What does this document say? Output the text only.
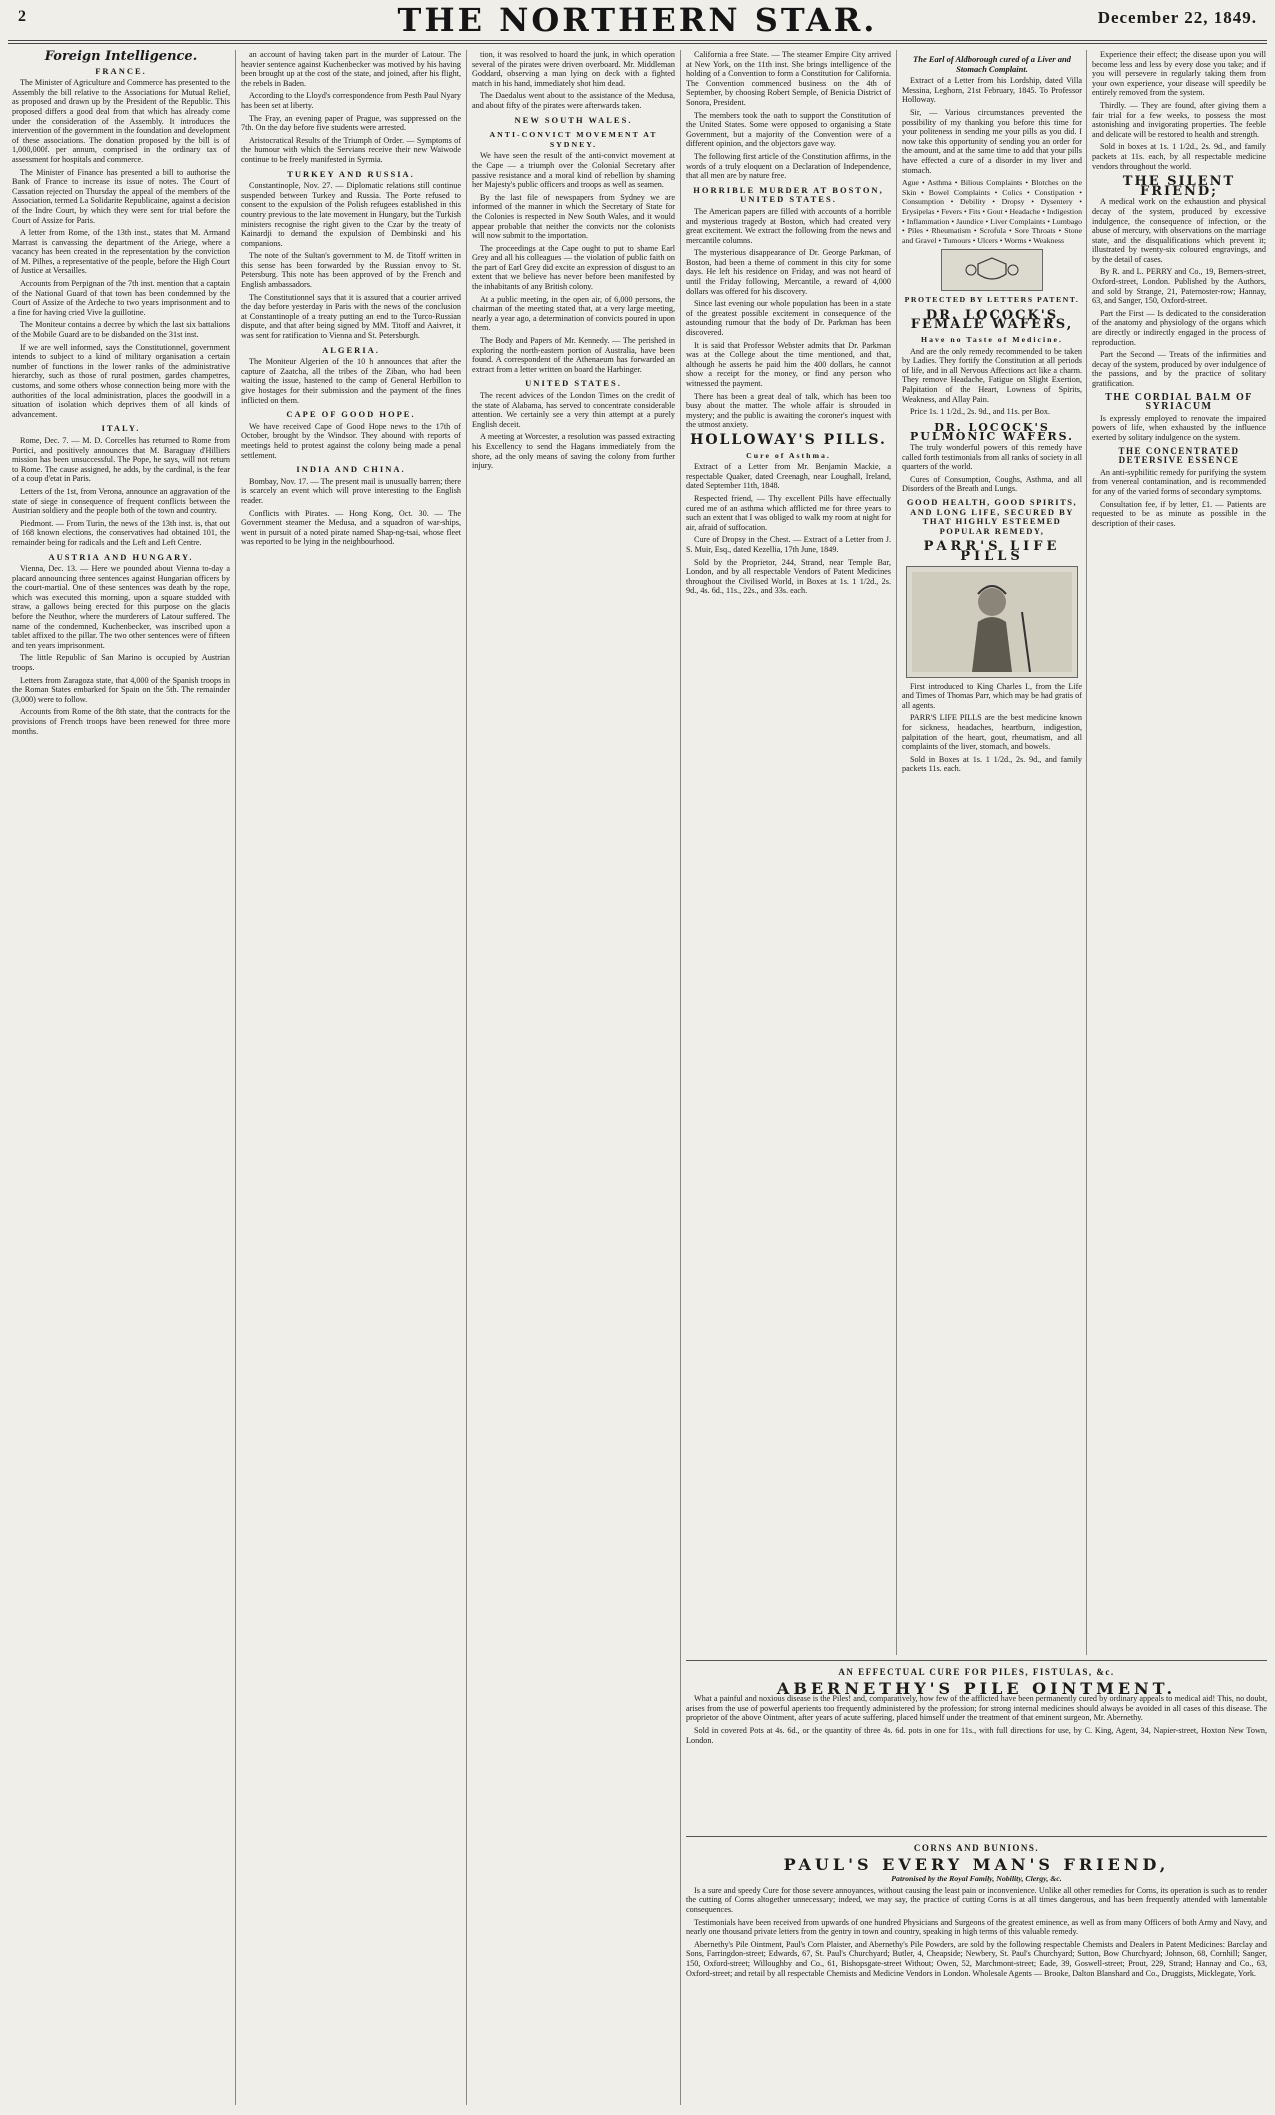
2	THE NORTHERN STAR.	December 22, 1849.
Foreign Intelligence.
FRANCE.

The Minister of Agriculture and Commerce has presented to the Assembly the bill relative to the Associations for Mutual Relief, as proposed and drawn up by the President of the Republic. This proposed differs a good deal from that which has already come under the consideration of the Assembly. It introduces the intervention of the government in the foundation and development of these associations. The donation proposed by the bill is of 1,000,000f. per annum, comprised in the ordinary tax of assessment for hospitals and commerce.

The Minister of Finance has presented a bill to authorise the Bank of France to increase its issue of notes. The Court of Cassation rejected on Thursday the appeal of the members of the Association, termed La Solidarite Republicaine, against a decision of the Indre Court, by which they were sent for trial before the Court of Assize for Paris.

A letter from Rome, of the 13th inst., states that M. Armand Marrast is canvassing the department of the Ariege, where a vacancy has been created in the representation by the conviction of M. Pilhes, a representative of the people, before the High Court of Justice at Versailles.

Accounts from Perpignan of the 7th inst. mention that a captain of the National Guard of that town has been condemned by the Court of Assize of the Ardeche to two years imprisonment and to a fine for having cried Vive la guillotine.

The Moniteur contains a decree by which the last six battalions of the Mobile Guard are to be disbanded on the 31st inst.

If we are well informed, says the Constitutionnel, government intends to subject to a kind of military organisation a certain number of functions in the lower ranks of the administrative hierarchy, such as those of rural postmen, gardes champetres, customs, and some others whose connection being more with the authorities of the local administration, places the goodwill in a situation of isolation which deprives them of all kinds of advancement.

ITALY.

Rome, Dec. 7. — M. D. Corcelles has returned to Rome from Portici, and positively announces that M. Baraguay d'Hilliers mission has been unsuccessful. The Pope, he says, will not return to Rome. The cause assigned, he adds, by the cardinal, is the fear of a coup d'etat in Paris.

Letters of the 1st, from Verona, announce an aggravation of the state of siege in consequence of frequent conflicts between the Austrian soldiery and the people both of the town and country.

Piedmont. — From Turin, the news of the 13th inst. is, that out of 168 known elections, the conservatives had obtained 101, the remainder being for radicals and the Left and Left Centre.

AUSTRIA AND HUNGARY.

Vienna, Dec. 13. — Here we pounded about Vienna to-day a placard announcing three sentences against Hungarian officers by the court-martial. One of these sentences was death by the rope, which was executed this morning, upon a square studded with straw, a gallows being erected for this purpose on the glacis before the Neuthor, where the murderers of Latour suffered. The name of the condemned, Kuchenbecker, was inscribed upon a tablet affixed to the pillar. The two other sentences were of fifteen and ten years imprisonment.

The little Republic of San Marino is occupied by Austrian troops.

Letters from Zaragoza state, that 4,000 of the Spanish troops in the Roman States embarked for Spain on the 5th. The remainder (3,000) were to follow.

Accounts from Rome of the 8th state, that the contracts for the provisions of French troops have been renewed for three more months.

an account of having taken part in the murder of Latour. The heavier sentence against Kuchenbecker was motived by his having been brought up at the cost of the state, and joined, after his flight, the rebels in Baden.

According to the Lloyd's correspondence from Pesth Paul Nyary has been set at liberty.

The Fray, an evening paper of Prague, was suppressed on the 7th. On the day before five students were arrested.

Aristocratical Results of the Triumph of Order. — Symptoms of the humour with which the Servians receive their new Waiwode continue to be freely manifested in Syrmia.

TURKEY AND RUSSIA.

Constantinople, Nov. 27. — Diplomatic relations still continue suspended between Turkey and Russia. The Porte refused to consent to the expulsion of the Polish refugees established in this country previous to the late movement in Hungary, but the Turkish ministers recognise the right given to the Czar by the treaty of Kainardji to demand the expulsion of Dembinski and his companions.

The note of the Sultan's government to M. de Titoff written in this sense has been forwarded by the Russian envoy to St. Petersburg. This note has been approved of by the French and English ambassadors.

The Constitutionnel says that it is assured that a courier arrived the day before yesterday in Paris with the news of the conclusion at Constantinople of a treaty putting an end to the Turco-Russian dispute, and that after being signed by MM. Titoff and Aaivret, it was sent for ratification to Vienna and St. Petersburgh.

ALGERIA.

The Moniteur Algerien of the 10 h announces that after the capture of Zaatcha, all the tribes of the Ziban, who had been waiting the issue, hastened to the camp of General Herbillon to give hostages for their submission and the payment of the fines inflicted on them.

CAPE OF GOOD HOPE.

We have received Cape of Good Hope news to the 17th of October, brought by the Windsor. They abound with reports of meetings held to protest against the colony being made a penal settlement.

INDIA AND CHINA.

Bombay, Nov. 17. — The present mail is unusually barren; there is scarcely an event which will prove interesting to the English reader.

Conflicts with Pirates. — Hong Kong, Oct. 30. — The Government steamer the Medusa, and a squadron of war-ships, went in pursuit of a noted pirate named Shap-ng-tsai, whose fleet was reported to be lying in the neighbourhood.

tion, it was resolved to hoard the junk, in which operation several of the pirates were driven overboard. Mr. Middleman Goddard, observing a man lying on deck with a fighted match in his hand, immediately shot him dead.

The Daedalus went about to the assistance of the Medusa, and about fifty of the pirates were afterwards taken.

NEW SOUTH WALES.
ANTI-CONVICT MOVEMENT AT SYDNEY.

We have seen the result of the anti-convict movement at the Cape — a triumph over the Colonial Secretary after passive resistance and a moral kind of rebellion by shaming her Majesty's public officers and troops as well as seamen.

By the last file of newspapers from Sydney we are informed of the manner in which the Secretary of State for the Colonies is respected in New South Wales, and it would appear probable that neither the convicts nor the colonists will now submit to the importation.

The proceedings at the Cape ought to put to shame Earl Grey and all his colleagues — the violation of public faith on the part of Earl Grey did excite an expression of disgust to an extent that we believe has never before been manifested by the inhabitants of any British colony.

At a public meeting, in the open air, of 6,000 persons, the chairman of the meeting stated that, at a very large meeting, nearly a year ago, a determination of convicts poured in upon them.

The Body and Papers of Mr. Kennedy. — The perished in exploring the north-eastern portion of Australia, have been found. A correspondent of the Athenaeum has forwarded an extract from a letter written on board the Harbinger.

UNITED STATES.

The recent advices of the London Times on the credit of the state of Alabama, has served to concentrate considerable attention. We certainly see a very thin attempt at a purely English deceit.

A meeting at Worcester, a resolution was passed extracting his Excellency to send the Hagans immediately from the shore, ad the only means of saving the colony from further injury.

California a free State. — The steamer Empire City arrived at New York, on the 11th inst. She brings intelligence of the holding of a Convention to form a Constitution for California. The Convention commenced business on the 4th of September, by choosing Robert Semple, of Benicia District of Sonora, President.

The members took the oath to support the Constitution of the United States. Some were opposed to organising a State Government, but a majority of the Convention were of a different opinion, and the objectors gave way.

The following first article of the Constitution affirms, in the words of a truly eloquent on a Declaration of Independence, that all men are by nature free.

HORRIBLE MURDER AT BOSTON, UNITED STATES.

The American papers are filled with accounts of a horrible and mysterious tragedy at Boston, which had created very great excitement. We extract the following from the news and mercantile columns.

The mysterious disappearance of Dr. George Parkman, of Boston, had been a theme of comment in this city for some days. He left his residence on Friday, and was not heard of until the Friday following, Mercantile, a reward of 4,000 dollars was offered for his discovery.

Since last evening our whole population has been in a state of the greatest possible excitement in consequence of the astounding rumour that the body of Dr. Parkman has been discovered.

It is said that Professor Webster admits that Dr. Parkman was at the College about the time mentioned, and that, although he asserts he paid him the 400 dollars, he cannot show a receipt for the money, or find any person who witnessed the payment.

There has been a great deal of talk, which has been too busy about the matter. The whole affair is shrouded in mystery; and the public is awaiting the coroner's inquest with the utmost anxiety.

HOLLOWAY'S PILLS.
Cure of Asthma.

Extract of a Letter from Mr. Benjamin Mackie, a respectable Quaker, dated Creenagh, near Loughall, Ireland, dated September 11th, 1848.

Respected friend, — Thy excellent Pills have effectually cured me of an asthma which afflicted me for three years to such an extent that I was obliged to walk my room at night for air, afraid of suffocation.

Cure of Dropsy in the Chest. — Extract of a Letter from J. S. Muir, Esq., dated Kezellia, 17th June, 1849.

Sold by the Proprietor, 244, Strand, near Temple Bar, London, and by all respectable Vendors of Patent Medicines throughout the Civilised World, in Boxes at 1s. 1 1/2d., 2s. 9d., 4s. 6d., 11s., 22s., and 33s. each.

The Earl of Aldborough cured of a Liver and Stomach Complaint.

Extract of a Letter from his Lordship, dated Villa Messina, Leghorn, 21st February, 1845. To Professor Holloway.

Sir, — Various circumstances prevented the possibility of my thanking you before this time for your politeness in sending me your pills as you did. I now take this opportunity of sending you an order for the amount, and at the same time to add that your pills have effected a cure of a disorder in my liver and stomach.

Ague • Asthma • Bilious Complaints • Blotches on the Skin • Bowel Complaints • Colics • Constipation • Consumption • Debility • Dropsy • Dysentery • Erysipelas • Fevers • Fits • Gout • Headache • Indigestion • Inflammation • Jaundice • Liver Complaints • Lumbago • Piles • Rheumatism • Scrofula • Sore Throats • Stone and Gravel • Tumours • Ulcers • Worms • Weakness

PROTECTED BY LETTERS PATENT.
DR. LOCOCK'S FEMALE WAFERS,
Have no Taste of Medicine.

And are the only remedy recommended to be taken by Ladies. They fortify the Constitution at all periods of life, and in all Nervous Affections act like a charm. They remove Headache, Fatigue on Slight Exertion, Palpitation of the Heart, Lowness of Spirits, Weakness, and Allay Pain.

Price 1s. 1 1/2d., 2s. 9d., and 11s. per Box.

DR. LOCOCK'S PULMONIC WAFERS.

The truly wonderful powers of this remedy have called forth testimonials from all ranks of society in all quarters of the world.

Cures of Consumption, Coughs, Asthma, and all Disorders of the Breath and Lungs.

GOOD HEALTH, GOOD SPIRITS, AND LONG LIFE, SECURED BY THAT HIGHLY ESTEEMED POPULAR REMEDY,
PARR'S LIFE PILLS

First introduced to King Charles I., from the Life and Times of Thomas Parr, which may be had gratis of all agents.

PARR'S LIFE PILLS are the best medicine known for sickness, headaches, heartburn, indigestion, palpitation of the heart, gout, rheumatism, and all complaints of the liver, stomach, and bowels.

Sold in Boxes at 1s. 1 1/2d., 2s. 9d., and family packets 11s. each.

Experience their effect; the disease upon you will become less and less by every dose you take; and if you will persevere in regularly taking them from your own experience, your disease will speedily be entirely removed from the system.

Thirdly. — They are found, after giving them a fair trial for a few weeks, to possess the most astonishing and invigorating properties. The feeble and delicate will be restored to health and strength.

Sold in boxes at 1s. 1 1/2d., 2s. 9d., and family packets at 11s. each, by all respectable medicine vendors throughout the world.

THE SILENT FRIEND;

A medical work on the exhaustion and physical decay of the system, produced by excessive indulgence, the consequence of infection, or the abuse of mercury, with observations on the marriage state, and the disqualifications which prevent it; illustrated by twenty-six coloured engravings, and by the detail of cases.

By R. and L. PERRY and Co., 19, Berners-street, Oxford-street, London. Published by the Authors, and sold by Strange, 21, Paternoster-row; Hannay, 63, and Sanger, 150, Oxford-street.

Part the First — Is dedicated to the consideration of the anatomy and physiology of the organs which are directly or indirectly engaged in the process of reproduction.

Part the Second — Treats of the infirmities and decay of the system, produced by over indulgence of the passions, and by the practice of solitary gratification.

THE CORDIAL BALM OF SYRIACUM

Is expressly employed to renovate the impaired powers of life, when exhausted by the influence exerted by solitary indulgence on the system.

THE CONCENTRATED DETERSIVE ESSENCE

An anti-syphilitic remedy for purifying the system from venereal contamination, and is recommended for any of the varied forms of secondary symptoms.

Consultation fee, if by letter, £1. — Patients are requested to be as minute as possible in the description of their cases.

AN EFFECTUAL CURE FOR PILES, FISTULAS, &c.
ABERNETHY'S PILE OINTMENT.

What a painful and noxious disease is the Piles! and, comparatively, how few of the afflicted have been permanently cured by ordinary appeals to medical aid! This, no doubt, arises from the use of powerful aperients too frequently administered by the profession; for strong internal medicines should always be avoided in all cases of this disease. The proprietor of the above Ointment, after years of acute suffering, placed himself under the treatment of that eminent surgeon, Mr. Abernethy.

Sold in covered Pots at 4s. 6d., or the quantity of three 4s. 6d. pots in one for 11s., with full directions for use, by C. King, Agent, 34, Napier-street, Hoxton New Town, London.

CORNS AND BUNIONS.
PAUL'S EVERY MAN'S FRIEND,
Patronised by the Royal Family, Nobility, Clergy, &c.

Is a sure and speedy Cure for those severe annoyances, without causing the least pain or inconvenience. Unlike all other remedies for Corns, its operation is such as to render the cutting of Corns altogether unnecessary; indeed, we may say, the practice of cutting Corns is at all times dangerous, and has been frequently attended with lamentable consequences.

Testimonials have been received from upwards of one hundred Physicians and Surgeons of the greatest eminence, as well as from many Officers of both Army and Navy, and nearly one thousand private letters from the gentry in town and country, speaking in high terms of this valuable remedy.

Abernethy's Pile Ointment, Paul's Corn Plaister, and Abernethy's Pile Powders, are sold by the following respectable Chemists and Dealers in Patent Medicines: Barclay and Sons, Farringdon-street; Edwards, 67, St. Paul's Churchyard; Butler, 4, Cheapside; Newbery, St. Paul's Churchyard; Sutton, Bow Churchyard; Johnson, 68, Cornhill; Sanger, 150, Oxford-street; Willoughby and Co., 61, Bishopsgate-street Without; Owen, 52, Marchmont-street; Eade, 39, Goswell-street; Prout, 229, Strand; Hannay and Co., 63, Oxford-street; and retail by all respectable Chemists and Medicine Vendors in London. Wholesale Agents — Brooke, Dalton Blanshard and Co., Druggists, Micklegate, York.
